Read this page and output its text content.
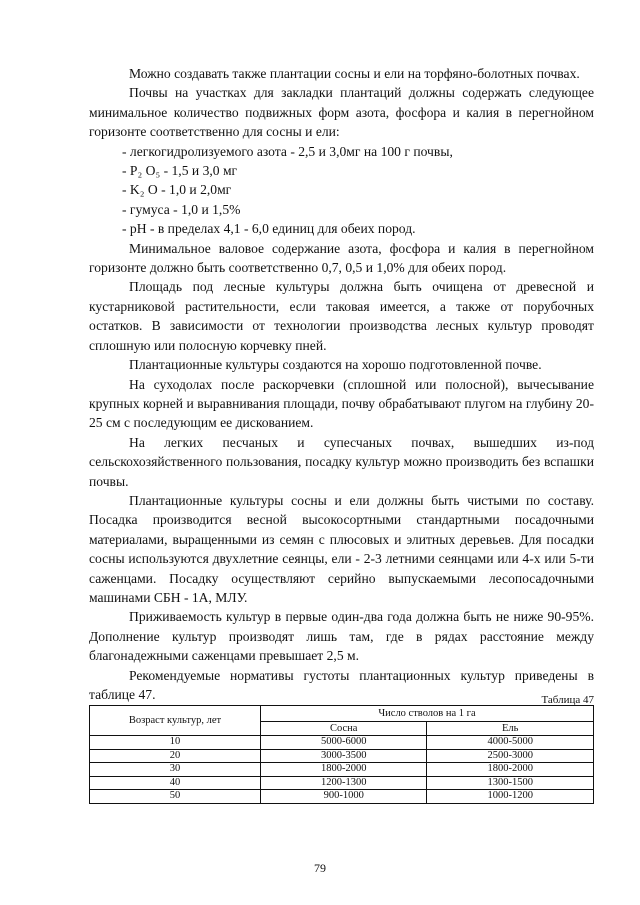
Можно создавать также плантации сосны и ели на торфяно-болотных почвах.

Почвы на участках для закладки плантаций должны содержать следующее минимальное количество подвижных форм азота, фосфора и калия в перегнойном горизонте соответственно для сосны и ели:

- легкогидролизуемого азота - 2,5 и 3,0мг на 100 г почвы,

- P₂ O₅ - 1,5 и 3,0 мг

- K₂ O - 1,0 и 2,0мг

- гумуса - 1,0 и 1,5%

- pH - в пределах 4,1 - 6,0 единиц для обеих пород.

Минимальное валовое содержание азота, фосфора и калия в перегнойном горизонте должно быть соответственно 0,7, 0,5 и 1,0% для обеих пород.

Площадь под лесные культуры должна быть очищена от древесной и кустарниковой растительности, если таковая имеется, а также от порубочных остатков. В зависимости от технологии производства лесных культур проводят сплошную или полосную корчевку пней.

Плантационные культуры создаются на хорошо подготовленной почве.

На суходолах после раскорчевки (сплошной или полосной), вычесывание крупных корней и выравнивания площади, почву обрабатывают плугом на глубину 20-25 см с последующим ее дискованием.

На легких песчаных и супесчаных почвах, вышедших из-под сельскохозяйственного пользования, посадку культур можно производить без вспашки почвы.

Плантационные культуры сосны и ели должны быть чистыми по составу. Посадка производится весной высокосортными стандартными посадочными материалами, выращенными из семян с плюсовых и элитных деревьев. Для посадки сосны используются двухлетние сеянцы, ели - 2-3 летними сеянцами или 4-х или 5-ти саженцами. Посадку осуществляют серийно выпускаемыми лесопосадочными машинами СБН - 1А, МЛУ.

Приживаемость культур в первые один-два года должна быть не ниже 90-95%. Дополнение культур производят лишь там, где в рядах расстояние между благонадежными саженцами превышает 2,5 м.

Рекомендуемые нормативы густоты плантационных культур приведены в таблице 47.	Таблица 47
Возраст культур, лет	Число стволов на 1 га	
	Сосна	Ель
10	5000-6000	4000-5000
20	3000-3500	2500-3000
30	1800-2000	1800-2000
40	1200-1300	1300-1500
50	900-1000	1000-1200
79
